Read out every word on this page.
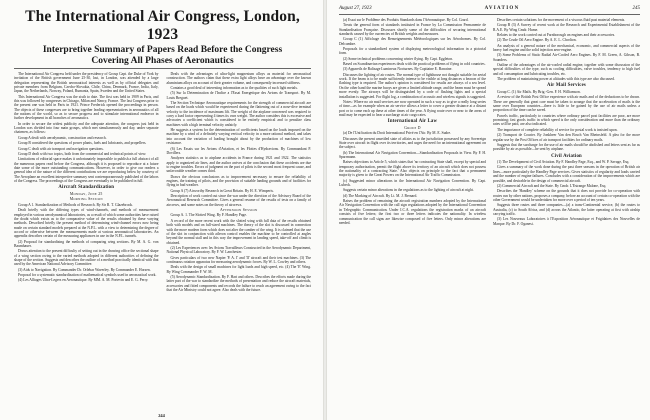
The International Air Congress, London, 1923
Interpretive Summary of Papers Read Before the Congress
Covering All Phases of Aeronautics

The International Air Congress held under the presidency of Group Capt. the Duke of York by invitation of the British government June 25-30, last, in London, was attended by a large delegation representing the British aeronautical interests as well as by official delegates and private members from Belgium, Czecho-Slovakia, Chile, China, Denmark, France, India, Italy, Japan, the Netherlands, Norway, Poland, Rumania, Spain, Sweden and the United States.

This International Air Congress was the sixth to date. The first was held in 1909 in Paris, and this was followed by congresses in Chicago, Milan and Nancy, France. The last Congress prior to the present one was held in Paris in 1921. Prince Frederick opened the proceedings in person. The objects of these congresses are to bring together leading representatives in aeronautics of all the nations of the world, so as to secure progress and to stimulate international endeavor in further development in all branches of aeronautics.

In order to secure the widest publicity and the adequate attention, the congress just held in London was divided into four main groups, which met simultaneously and day, under separate chairmen, as follows:

Group A dealt with aerodynamic, construction and research.

Group B considered the questions of power plants, fuels and lubricants, and propellers.

Group C dealt with air transport and navigation questions.

Group D dealt with two topics, both from the commercial and technical points of view.

Limitations of editorial space makes it unfortunately impossible to publish a full abstract of all the numerous papers read before the Congress, although it is proposed to reproduce at a future date some of the more outstanding communications. However, in order to give our readers a general idea of the nature of the different contributions we are reproducing below by courtesy of The Aeroplane an excellent interpretive summary sent contemporaneously published of the labors of the Congress. The proceedings of the Congress are eventually to be published in full.

Aircraft Standardization
Monday, June 25
Morning Session

Group A 1. Standardization of Methods of Research. By Sir R. T. Glazebrook.

Dealt briefly with the differing types of wind-channels, and methods of measurement employed in various aerodynamical laboratories, as a result of which some authorities have raised the doubt which exists as to the comparative value of the results obtained by these varying methods. Described briefly the present method of determining wind-channel errors now being made on certain standard models prepared at the N.P.L. with a view to determining the degree of accord or otherwise between the measurements made at various aeronautical laboratories. An appendix describes certain of the measuring appliances in use in the N.P.L. tunnels.

(2) Proposal for standardizing the methods of comparing wing sections. By M. A. G. von Baumhauer.

Draws attention to the present difficulty of setting out in the drawing office the sectional shape of a wing section owing to the varied methods adopted in different authorities of defining the shape of the section. Suggests and describes the outline of a method practically identical with that used by the American National Advisory Committee.

(3) Aids to Navigation. By Commander Dr. Orlebar Waverley. By Commander E. Horsen.

Proposal for a systematic standardization of mathematical symbols used in aeronautical work.

(4) Les Alliages Ultra-Legers en Aeronautique. By MM. A. M. Portevin and E. G. Perry.

Deals with the advantages of ultra-light magnesium alloys as material for aeronautical construction. The authors claim that these extra light alloys have an advantage over the known aluminium alloys on account of their greater volume, and consequently increased stiffness.

Contains a good deal of interesting information as to the qualities of such light metals.

(5) Sur la Determination de l'Indice a l'Essai Energetique des Avions de Transport. By M. Louis Breguet.

The Section Technique Aeronautique requirements for the strength of commercial aircraft are based on the loads which would be experienced during the flattening out of a nose-dive terminal velocity to the incidence of maximum lift. The weight of the airplane concerned was required to carry a load factor representing 4 times its own weight. The author considers this is excessive and advocates a coefficient which is considered to be entirely empirical and to penalize class machines with a high terminal velocity unfairly.

He suggests a system for the determination of coefficients based on the loads imposed on the machine by a wind of a definitely varying vertical velocity in a more rational method, and takes into account the variation of loading brought about by the production of machines of low resistance.

(6) Les Essais sur les Avions d'Aviation, et les Flottes d'Hydravions. By Commandant P. Dovillers.

Analyzes statistics as to airplane accidents in France during 1921 and 1922. The statistics apply to organized air lines, and the author arrives at the conclusion that these accidents are due to engine troubles. Errors of judgment on the part of pilots is the second most frequent cause, and unfavorable weather comes third.

Draws the obvious conclusions as to improvement necessary to ensure the reliability of engines, the training of pilots, and the provision of suitable landing grounds and of facilities for flying in bad weather.

Group A (7) Airworthy Research in Great Britain. By H. E. Wimperis.

Description of work carried out since the war under the direction of the Advisory Board of the Aeronautical Research Committee. Gives a general resume of the results of tests on a family of aircrews, and some notes on the theory of aircrews.

Afternoon Session

Group A. 1. The Slotted Wing. By F. Handley Page.

A record of the more recent work with the slotted wing with full data of the results obtained both with models and on full-sized machines. The theory of the slot is discussed in connection with the more modern form which does not alter the camber of the wing. It is claimed that the use of the slot in conjunction with aileron control enables the machine to be controlled at angles beyond the normal stall and in this way the improvement in landing speed, take-off and climb is obtained.

(2) Les Experiences avec les Avions Travailleurs Constructed in the Aerodynamic Department, National Physical Laboratory. By F. W. Lanchester.

Gives particulars of two new Napier 'P. A. I' and 'II' aircraft and their test machines. (3) The continuous rotation apparatus for measuring aerodynamic forces. By W. L. Cowley and others.

Deals with the design of small machines for light loads and high speed, etc. (4) The 'E' Wing. By Wing Commander F. W. M.

(5) Aerodynamic Standardization. By F. Hart and others. Describes the efforts made during the latter part of the war to standardize the methods of presentation and reduce the aircraft materials, accessories and fitted components and records the failure to reach an agreement owing to the fact that the Air Ministry could not agree. Also deals with the future.

244
August 27, 1923	AVIATION	245

(a) Essai sur le Problème des Produits Standards dans l'Aéronautique. By Col. Grard.

Treats the general form of standards instituted in France by La Commission Permanente de Standardisation Française. Discusses shortly some of the difficulties of securing international standards caused by the currencies of British weights and measures.

Group C (1) Affichage des Renseignements Météorologiques sur les Aérodromes. By Col. Delcambre.

Proposals for a standardized system of displaying meteorological information in a pictorial form.

(2) Some technical problems concerning winter flying. By Capt. Eggleton.

Based on Scandinavian experiences deals with the practical problems of flying in cold countries.

(3) Appareils de Balisage Lumineux Nocturnes. By Capitaine E. Barraine.

Discusses the lighting of air routes. The normal type of lighthouse not thought suitable for aerial work. If the beam is to be made sufficiently intense to be visible at long distances a beacon of the flashing type is required. The author's opinion is considered for results are always of a sea level. On the other hand the marine buoys are given a limited altitude range, and the beam must be spread more evenly. The airways will be distinguished by a code of flashing lights and a special installation is suggested. For flight log, a combination of acoustic and wireless signals is suggested.

Notes: Where no air mail services are now operated in such a way as to give a really long series of time—as for example when an air service allows a letter to cover a greater distance at a distant port or to come each up these at other times of the year. A flying route over or near to the areas of mail may be expected to hear a surcharge at air cargo rates.

International Air Law
Group D

(a) De l'Unification du Droit International Privé en l'Air. By M. E. Sudre.

Discusses the present unsettled state of affairs as to the jurisdiction possessed by any Sovereign State over aircraft in flight over its territories, and urges the need for an international agreement on the subject.

(b) The International Air Navigation Convention—Standardization Proposals in View. By F. H. Sparrmann.

Raises objections to Article 5, which states that 'no contracting State shall, except by special and temporary authorization, permit the flight above its territory of an aircraft which does not possess the nationality of a contracting State.' Also objects on principle to the fact that a permanent majority is given to the Great Powers on the International Air Traffic Commission.

(c) Suggested minor alterations in the International Air Navigation Convention. By Capt. Lubeck.

Suggests certain minor alterations in the regulations as to the lighting of aircraft at night.

(d) The Marking of Aircraft. By Lt. M. J. Bernard.

Raises the problem of remaining the aircraft registration numbers adopted by the International Air Navigation Convention with the call sign regulations adopted by the International Convention in Telegraphic Communication. Under I.C.A. regulations the registration marks of an aircraft consists of five letters; the first two or three letters indicates the nationality. In wireless communication the call signs are likewise composed of five letters. Only minor alterations are needed.

Describes certain solutions for the movement of a viscous fluid past material elements.

Group B (3) A Survey of recent work at the Research and Experimental Establishment of the R.A.E. By Wing Cmdr. Hume.

Relates to the work carried out at Farnborough on engines and their accessories.

(2) The Crude Oil Aero Engine. By A. E. L. Chorlton.

An analysis of a general nature of the mechanical, economic, and commercial aspects of the heavy fuel engine and the solid injection aero-engine.

(3) Some Problems of Static Radial Air-Cooled Aero Engines. By F. M. Green, A. Gibson, B. Saunders.

Outline of the advantages of the air-cooled radial engine, together with some discussion of the special difficulties of the type, such as cooling difficulties, valve troubles, tendency to high fuel and oil consumption and lubricating troubles, etc.

The problem of maintaining power at altitudes with this type are also discussed.

Air Mail Services

Group C. (1) Air Mails. By Brig.-Gen. F. H. Williamson.

A review of the British Post Office experience with air mails and of the deductions to be drawn. These are generally that great care must be taken to arrange that the acceleration of mails is the same over European countries—there is little to be gained by the use of air mails unless a proportion of the time can be saved.

Parcels traffic, particularly to countries where ordinary parcel post facilities are poor, are more promising; fast goods traffic in which speed is the only consideration and more than the ordinary rates will be paid, are also indicated.

The importance of complete reliability of service for postal work is insisted upon.

(2) Transport de Courier. By Jonkheer Van den Bosch Van Rheinsfeld. A plea for the more regular use by the Post Offices of air transport facilities for ordinary mails.

Suggests that the surcharge for the use of air mails should be abolished and letters sent as far as possible by air as possible—be sent by airplane.

Civil Aviation

(1) The Development of Civil Aviation. By F. Handley Page, Esq., and W. P. Savage, Esq.

Gives a summary of the work done during the past three seasons in the operation of British air lines—more particularly the Handley Page services. Gives statistics of regularity and loads carried and the number of engine failures. Concludes with a consideration of the improvements which are possible, and desirable in the design of commercial aircraft.

(2) Commercial Aircraft and the State. By Cmdr. L'Estrange Malone, Esq.

Describes the 'Handley' scheme on the grounds that it does not provide for co-operation with routes run by other nations, proposes a company, before an account of certain co-operation with the other Government would be undertaken for more over a period of ten years.

Suggests three routes and three companies—(a) a trans-Continental service, (b) the routes to Australia, (c) to South Africa, and (d) across the Atlantic, the latter operating at first with airship carrying traffic.

(3) Les Nouveaux Laboratoires à l'Exposition Aéronautique et Frigidaires des Nouvelles de Marque. By Dr. F. Oganesi.
